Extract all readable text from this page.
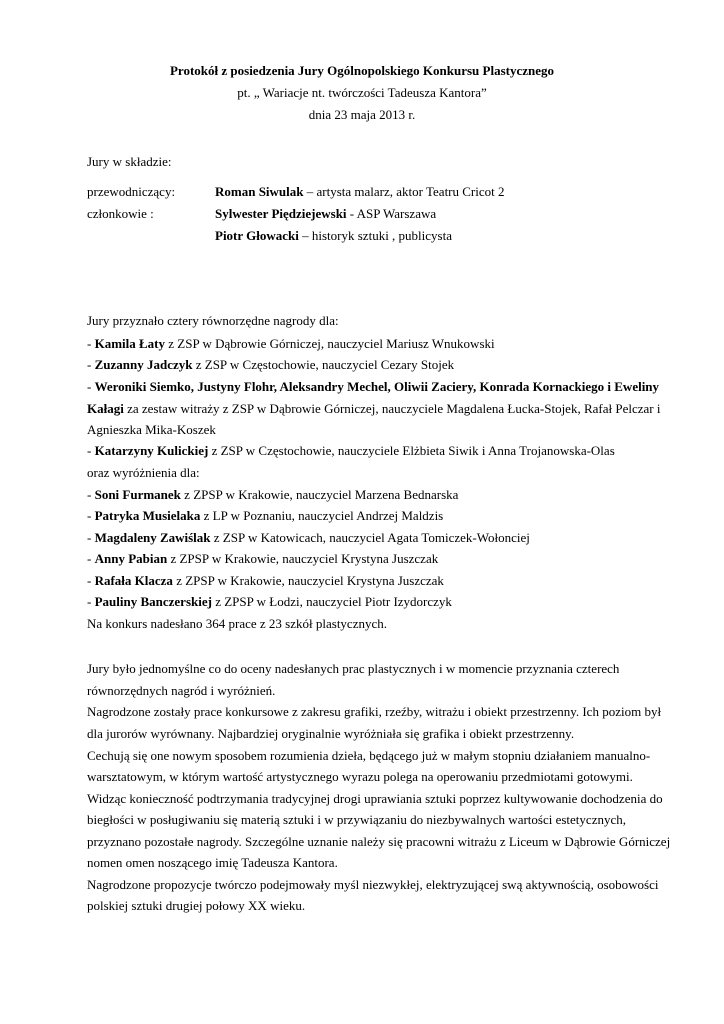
Protokół z posiedzenia Jury Ogólnopolskiego Konkursu Plastycznego
pt. „ Wariacje nt. twórczości Tadeusza Kantora”
dnia 23 maja 2013 r.
Jury w składzie:
przewodniczący:	Roman Siwulak – artysta malarz, aktor Teatru Cricot 2
członkowie :	Sylwester Piędziejewski - ASP Warszawa
Piotr Głowacki – historyk sztuki , publicysta
Jury przyznało cztery równorzędne nagrody dla:
- Kamila Łaty z ZSP w Dąbrowie Górniczej, nauczyciel Mariusz Wnukowski
- Zuzanny Jadczyk z ZSP w Częstochowie, nauczyciel Cezary Stojek
- Weroniki Siemko, Justyny Flohr, Aleksandry Mechel, Oliwii Zaciery, Konrada Kornackiego i Eweliny
Kałagi za zestaw witraży z ZSP w Dąbrowie Górniczej, nauczyciele Magdalena Łucka-Stojek, Rafał Pelczar i
Agnieszka Mika-Koszek
- Katarzyny Kulickiej z ZSP w Częstochowie, nauczyciele Elżbieta Siwik i Anna Trojanowska-Olas
oraz wyróżnienia dla:
- Soni Furmanek z ZPSP w Krakowie, nauczyciel Marzena Bednarska
- Patryka Musielaka z LP w Poznaniu, nauczyciel Andrzej Maldzis
- Magdaleny Zawiślak z ZSP w Katowicach, nauczyciel Agata Tomiczek-Wołonciej
- Anny Pabian z ZPSP w Krakowie, nauczyciel Krystyna Juszczak
- Rafała Klacza z ZPSP w Krakowie, nauczyciel Krystyna Juszczak
- Pauliny Banczerskiej z ZPSP w Łodzi, nauczyciel Piotr Izydorczyk
Na konkurs nadesłano 364 prace z 23 szkół plastycznych.
Jury było jednomyślne co do oceny nadesłanych prac plastycznych i w momencie przyznania czterech
równorzędnych nagród i wyróżnień.
Nagrodzone zostały prace konkursowe z zakresu grafiki, rzeźby, witrażu i obiekt przestrzenny. Ich poziom był
dla jurorów wyrównany. Najbardziej oryginalnie wyróżniała się grafika i obiekt przestrzenny.
Cechują się one nowym sposobem rozumienia dzieła, będącego już w małym stopniu działaniem manualno-
warsztatowym, w którym wartość artystycznego wyrazu polega na operowaniu przedmiotami gotowymi.
Widząc konieczność podtrzymania tradycyjnej drogi uprawiania sztuki poprzez kultywowanie dochodzenia do
biegłości w posługiwaniu się materią sztuki i w przywiązaniu do niezbywalnych wartości estetycznych,
przyznano pozostałe nagrody. Szczególne uznanie należy się pracowni witrażu z Liceum w Dąbrowie Górniczej
nomen omen noszącego imię Tadeusza Kantora.
Nagrodzone propozycje twórczo podejmowały myśl niezwykłej, elektryzującej swą aktywnością, osobowości
polskiej sztuki drugiej połowy XX wieku.
